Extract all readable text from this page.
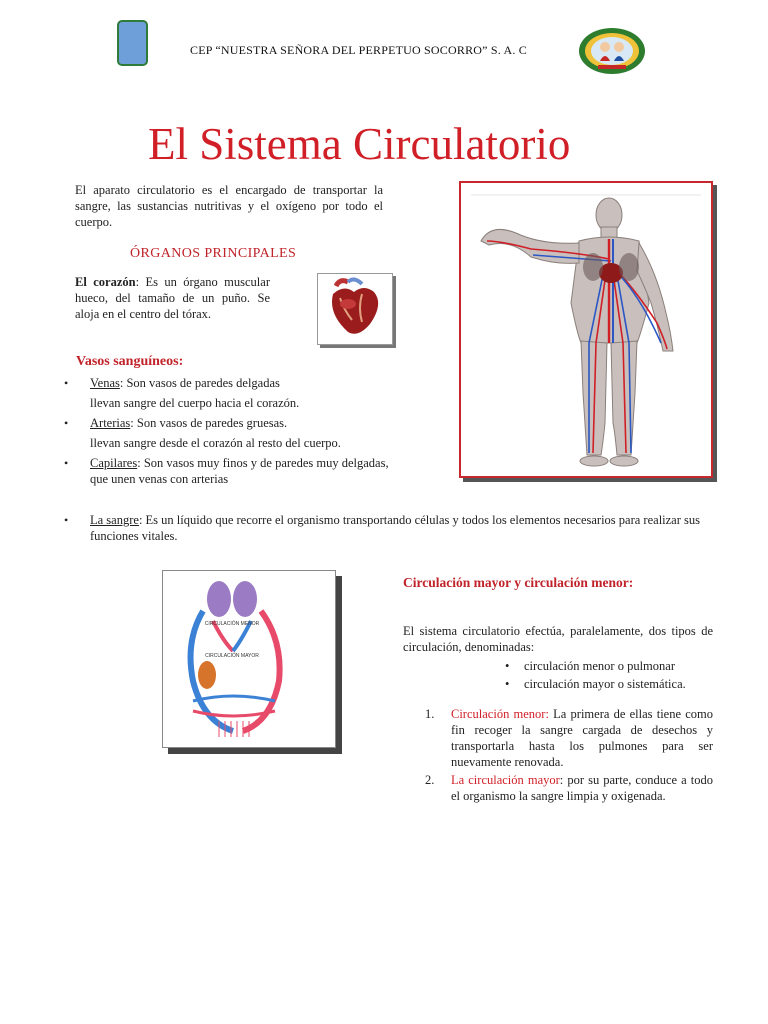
CEP “NUESTRA SEÑORA DEL PERPETUO SOCORRO” S. A. C
El Sistema Circulatorio
El aparato circulatorio es el encargado de transportar la sangre, las sustancias nutritivas y el oxígeno por todo el cuerpo.
ÓRGANOS PRINCIPALES
El corazón: Es un órgano muscular hueco, del tamaño de un puño. Se aloja en el centro del tórax.
Vasos sanguíneos:
• Venas: Son vasos de paredes delgadas
llevan sangre del cuerpo hacia el corazón.
• Arterias: Son vasos de paredes gruesas.
llevan sangre desde el corazón al resto del cuerpo.
• Capilares: Son vasos muy finos y de paredes muy delgadas, que unen venas con arterias
• La sangre: Es un líquido que recorre el organismo transportando células y todos los elementos necesarios para realizar sus funciones vitales.
CIRCULACIÓN MENOR
CIRCULACIÓN MAYOR
Circulación mayor y circulación menor:
El sistema circulatorio efectúa, paralelamente, dos tipos de circulación, denominadas:
• circulación menor o pulmonar
• circulación mayor o sistemática.
1. Circulación menor: La primera de ellas tiene como fin recoger la sangre cargada de desechos y transportarla hasta los pulmones para ser nuevamente renovada.
2. La circulación mayor: por su parte, conduce a todo el organismo la sangre limpia y oxigenada.
